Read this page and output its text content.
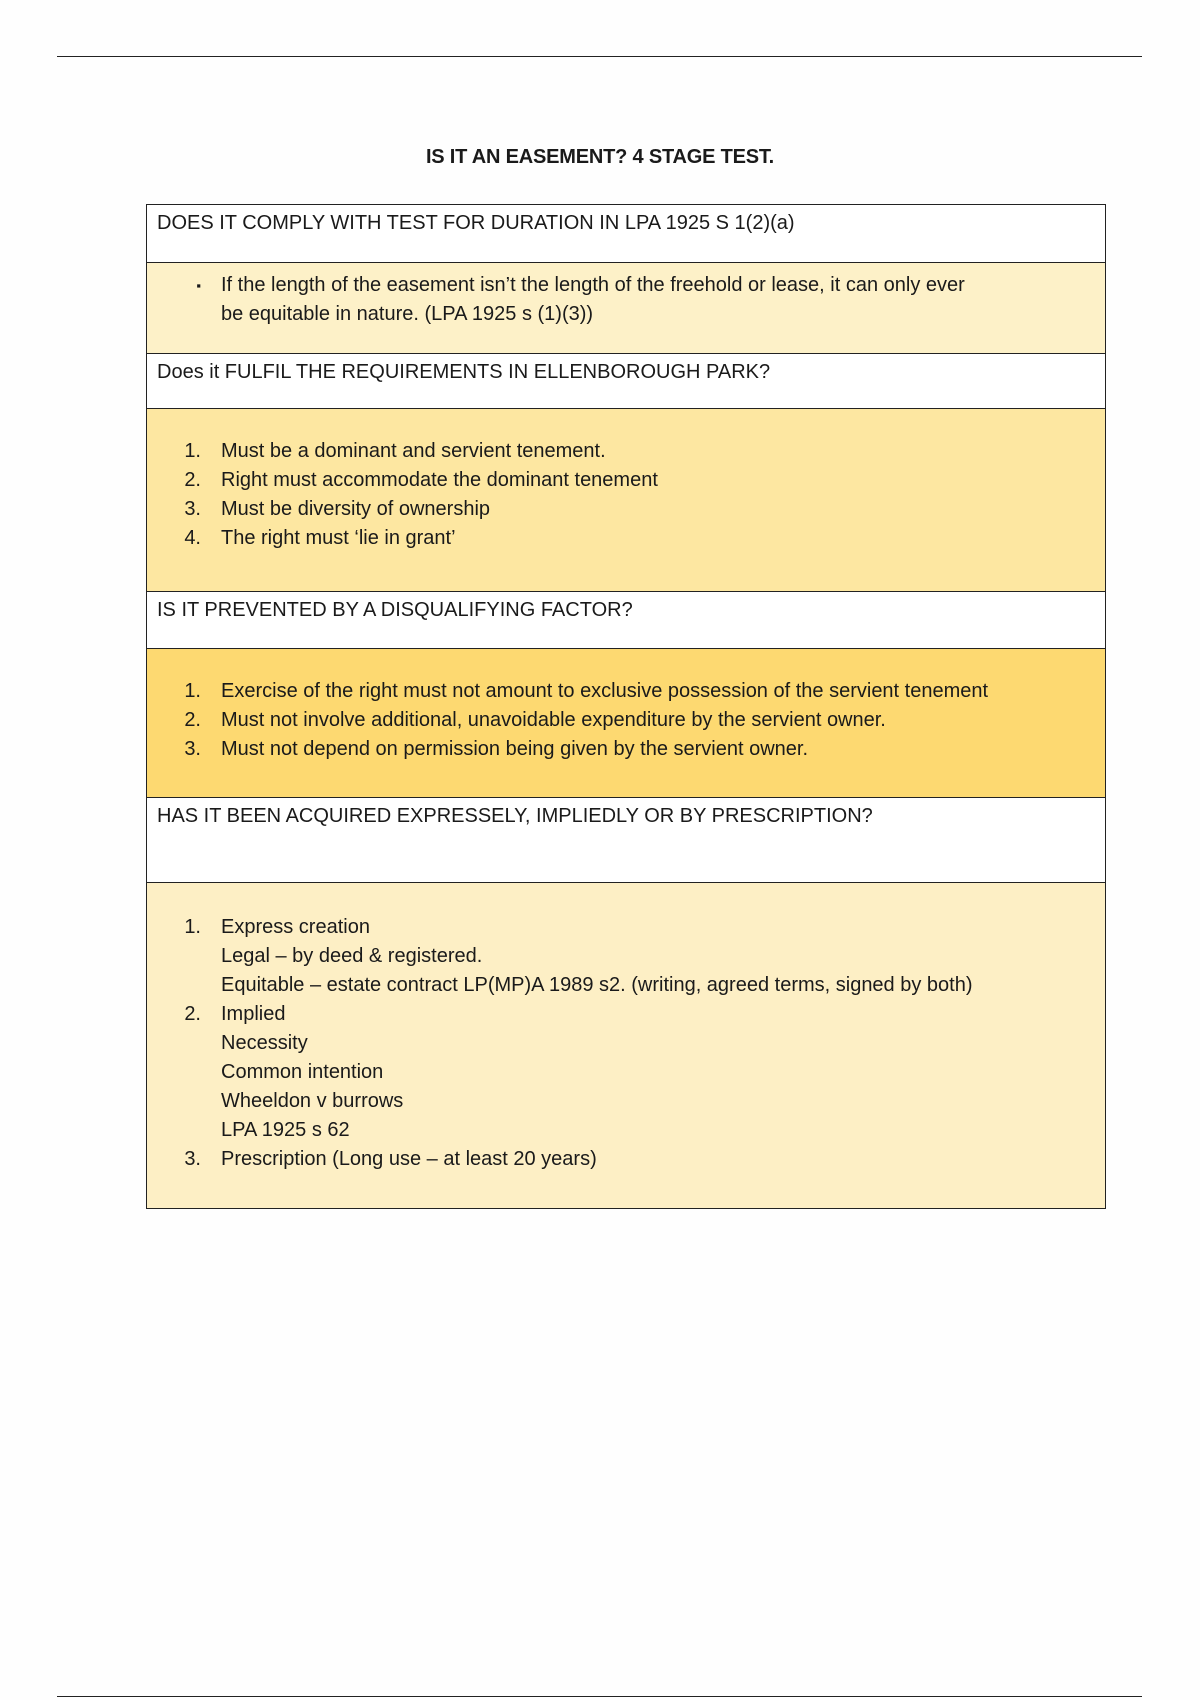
IS IT AN EASEMENT? 4 STAGE TEST.
DOES IT COMPLY WITH TEST FOR DURATION IN LPA 1925 S 1(2)(a)
▪	If the length of the easement isn’t the length of the freehold or lease, it can only ever
be equitable in nature. (LPA 1925 s (1)(3))
Does it FULFIL THE REQUIREMENTS IN ELLENBOROUGH PARK?
1.	Must be a dominant and servient tenement.
2.	Right must accommodate the dominant tenement
3.	Must be diversity of ownership
4.	The right must ‘lie in grant’
IS IT PREVENTED BY A DISQUALIFYING FACTOR?
1.	Exercise of the right must not amount to exclusive possession of the servient tenement
2.	Must not involve additional, unavoidable expenditure by the servient owner.
3.	Must not depend on permission being given by the servient owner.
HAS IT BEEN ACQUIRED EXPRESSELY, IMPLIEDLY OR BY PRESCRIPTION?
1.	Express creation
Legal – by deed & registered.
Equitable – estate contract LP(MP)A 1989 s2. (writing, agreed terms, signed by both)
2.	Implied
Necessity
Common intention
Wheeldon v burrows
LPA 1925 s 62
3.	Prescription (Long use – at least 20 years)
